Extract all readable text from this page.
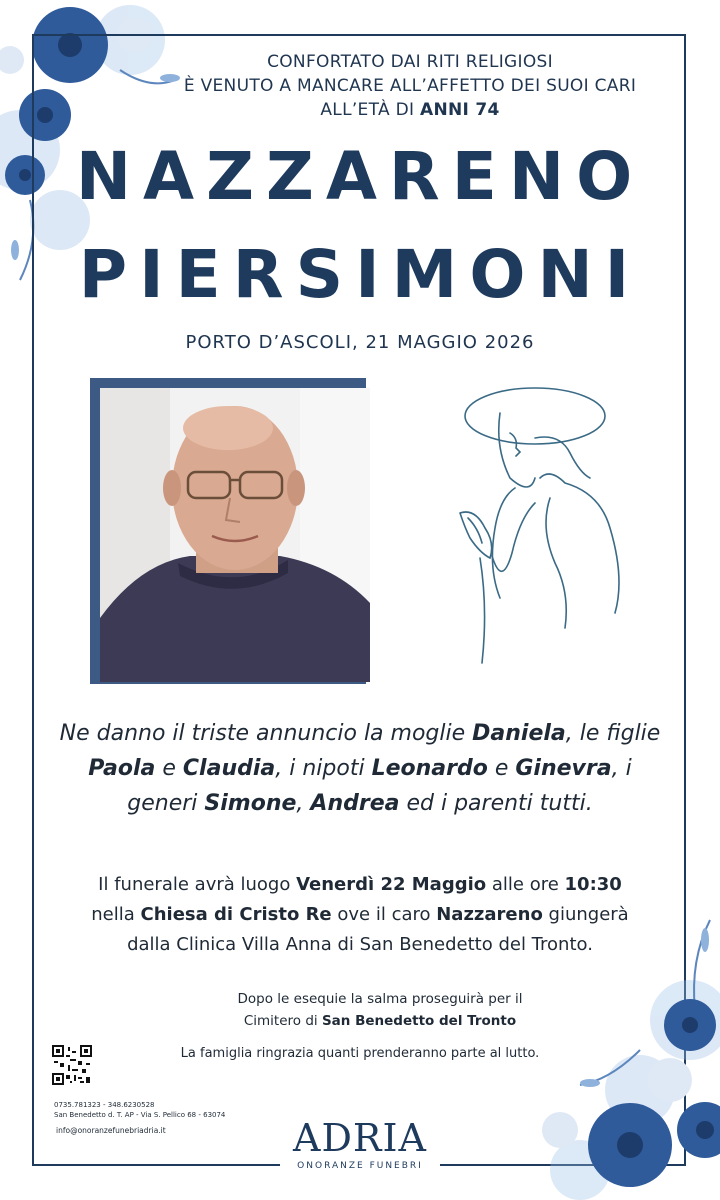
CONFORTATO DAI RITI RELIGIOSI
È VENUTO A MANCARE ALL’AFFETTO DEI SUOI CARI
ALL’ETÀ DI ANNI 74
NAZZARENO
PIERSIMONI
PORTO D’ASCOLI, 21 MAGGIO 2026
Ne danno il triste annuncio la moglie Daniela, le figlie Paola e Claudia, i nipoti Leonardo e Ginevra, i generi Simone, Andrea ed i parenti tutti.
Il funerale avrà luogo Venerdì 22 Maggio alle ore 10:30
nella Chiesa di Cristo Re ove il caro Nazzareno giungerà
dalla Clinica Villa Anna di San Benedetto del Tronto.
Dopo le esequie la salma proseguirà per il
Cimitero di San Benedetto del Tronto
La famiglia ringrazia quanti prenderanno parte al lutto.
0735.781323 - 348.6230528
San Benedetto d. T. AP - Via S. Pellico 68 - 63074
info@onoranzefunebriadria.it	ADRIA
ONORANZE FUNEBRI
